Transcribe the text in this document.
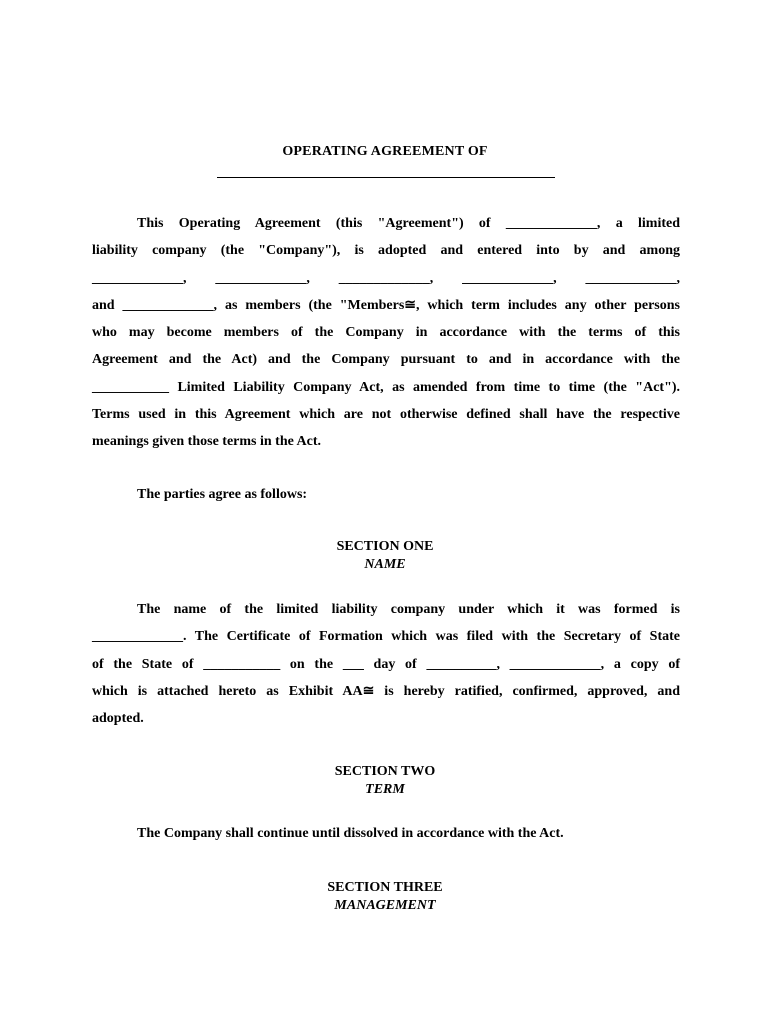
OPERATING AGREEMENT OF
This Operating Agreement (this "Agreement") of _____________, a limited
liability company (the "Company"), is adopted and entered into by and among
_____________, _____________, _____________, _____________, _____________,
and _____________, as members (the "Members≅, which term includes any other persons
who may become members of the Company in accordance with the terms of this
Agreement and the Act) and the Company pursuant to and in accordance with the
___________ Limited Liability Company Act, as amended from time to time (the "Act").
Terms used in this Agreement which are not otherwise defined shall have the respective
meanings given those terms in the Act.
The parties agree as follows:
SECTION ONE
NAME
The name of the limited liability company under which it was formed is
_____________. The Certificate of Formation which was filed with the Secretary of State
of the State of ___________ on the ___ day of __________, _____________, a copy of
which is attached hereto as Exhibit AA≅ is hereby ratified, confirmed, approved, and
adopted.
SECTION TWO
TERM
The Company shall continue until dissolved in accordance with the Act.
SECTION THREE
MANAGEMENT
